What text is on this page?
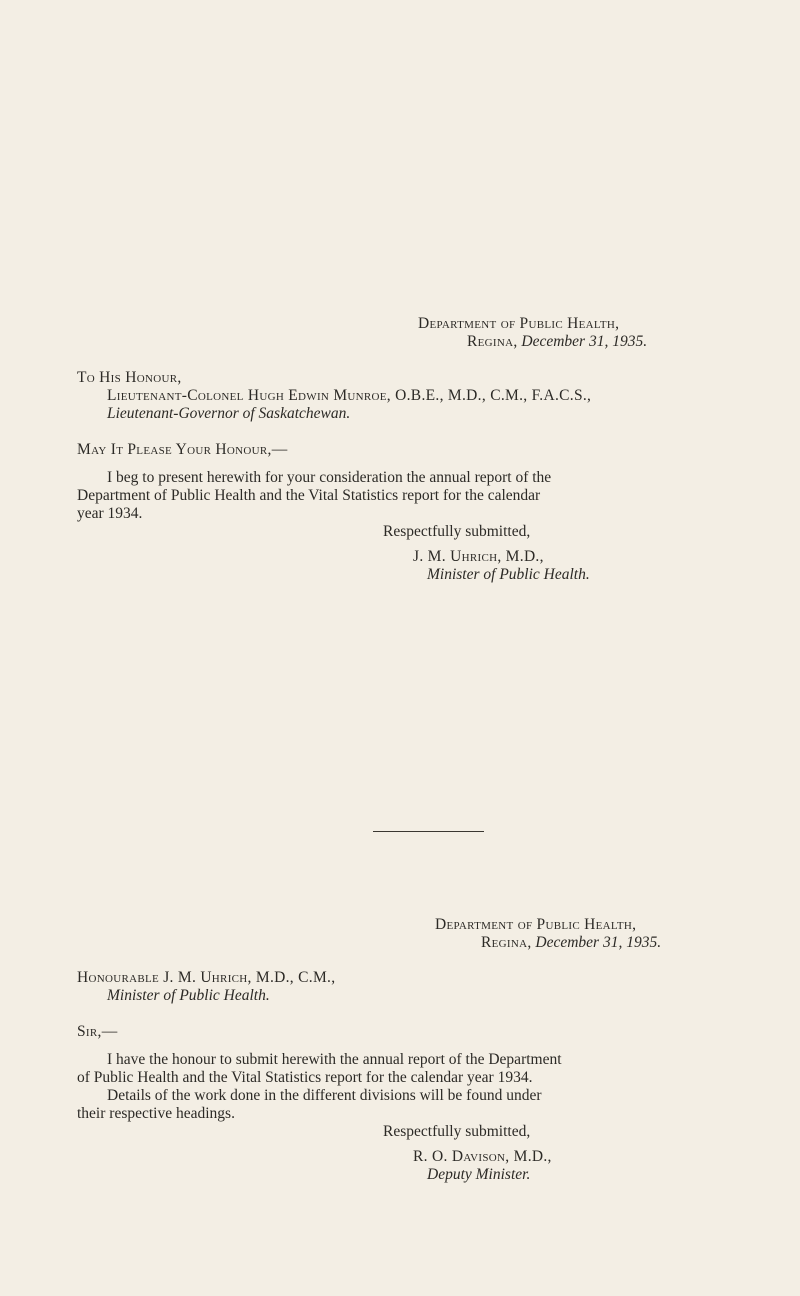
Department of Public Health,
Regina, December 31, 1935.
To His Honour,
Lieutenant-Colonel Hugh Edwin Munroe, O.B.E., M.D., C.M., F.A.C.S.,
Lieutenant-Governor of Saskatchewan.
May It Please Your Honour,—
I beg to present herewith for your consideration the annual report of the
Department of Public Health and the Vital Statistics report for the calendar
year 1934.
Respectfully submitted,
J. M. Uhrich, M.D.,
Minister of Public Health.
Department of Public Health,
Regina, December 31, 1935.
Honourable J. M. Uhrich, M.D., C.M.,
Minister of Public Health.
Sir,—
I have the honour to submit herewith the annual report of the Department
of Public Health and the Vital Statistics report for the calendar year 1934.
Details of the work done in the different divisions will be found under
their respective headings.
Respectfully submitted,
R. O. Davison, M.D.,
Deputy Minister.
